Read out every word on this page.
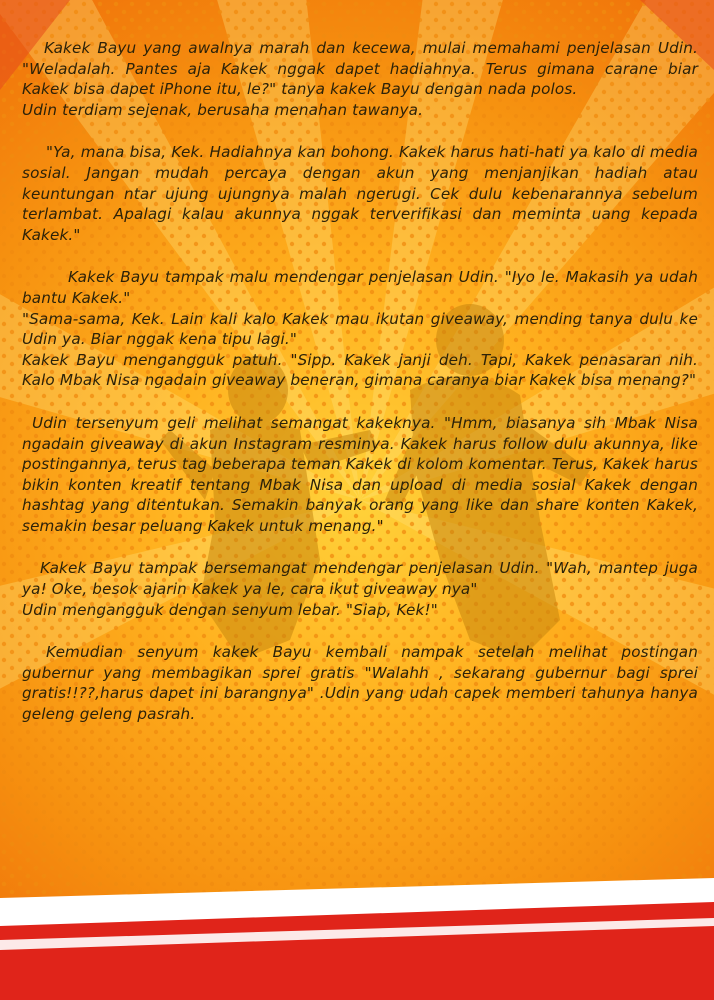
Kakek Bayu yang awalnya marah dan kecewa, mulai memahami penjelasan Udin. "Weladalah. Pantes aja Kakek nggak dapet hadiahnya. Terus gimana carane biar Kakek bisa dapet iPhone itu, le?" tanya kakek Bayu dengan nada polos.

Udin terdiam sejenak, berusaha menahan tawanya.

"Ya, mana bisa, Kek. Hadiahnya kan bohong. Kakek harus hati-hati ya kalo di media sosial. Jangan mudah percaya dengan akun yang menjanjikan hadiah atau keuntungan ntar ujung ujungnya malah ngerugi. Cek dulu kebenarannya sebelum terlambat. Apalagi kalau akunnya nggak terverifikasi dan meminta uang kepada Kakek."

Kakek Bayu tampak malu mendengar penjelasan Udin. "Iyo le. Makasih ya udah bantu Kakek."

"Sama-sama, Kek. Lain kali kalo Kakek mau ikutan giveaway, mending tanya dulu ke Udin ya. Biar nggak kena tipu lagi."

Kakek Bayu mengangguk patuh. "Sipp. Kakek janji deh. Tapi, Kakek penasaran nih. Kalo Mbak Nisa ngadain giveaway beneran, gimana caranya biar Kakek bisa menang?"

Udin tersenyum geli melihat semangat kakeknya. "Hmm, biasanya sih Mbak Nisa ngadain giveaway di akun Instagram resminya. Kakek harus follow dulu akunnya, like postingannya, terus tag beberapa teman Kakek di kolom komentar. Terus, Kakek harus bikin konten kreatif tentang Mbak Nisa dan upload di media sosial Kakek dengan hashtag yang ditentukan. Semakin banyak orang yang like dan share konten Kakek, semakin besar peluang Kakek untuk menang."

Kakek Bayu tampak bersemangat mendengar penjelasan Udin. "Wah, mantep juga ya! Oke, besok ajarin Kakek ya le, cara ikut giveaway nya"

Udin mengangguk dengan senyum lebar. "Siap, Kek!"

Kemudian senyum kakek Bayu kembali nampak setelah melihat postingan gubernur yang membagikan sprei gratis "Walahh , sekarang gubernur bagi sprei gratis!!??,harus dapet ini barangnya" .Udin yang udah capek memberi tahunya hanya geleng geleng pasrah.
